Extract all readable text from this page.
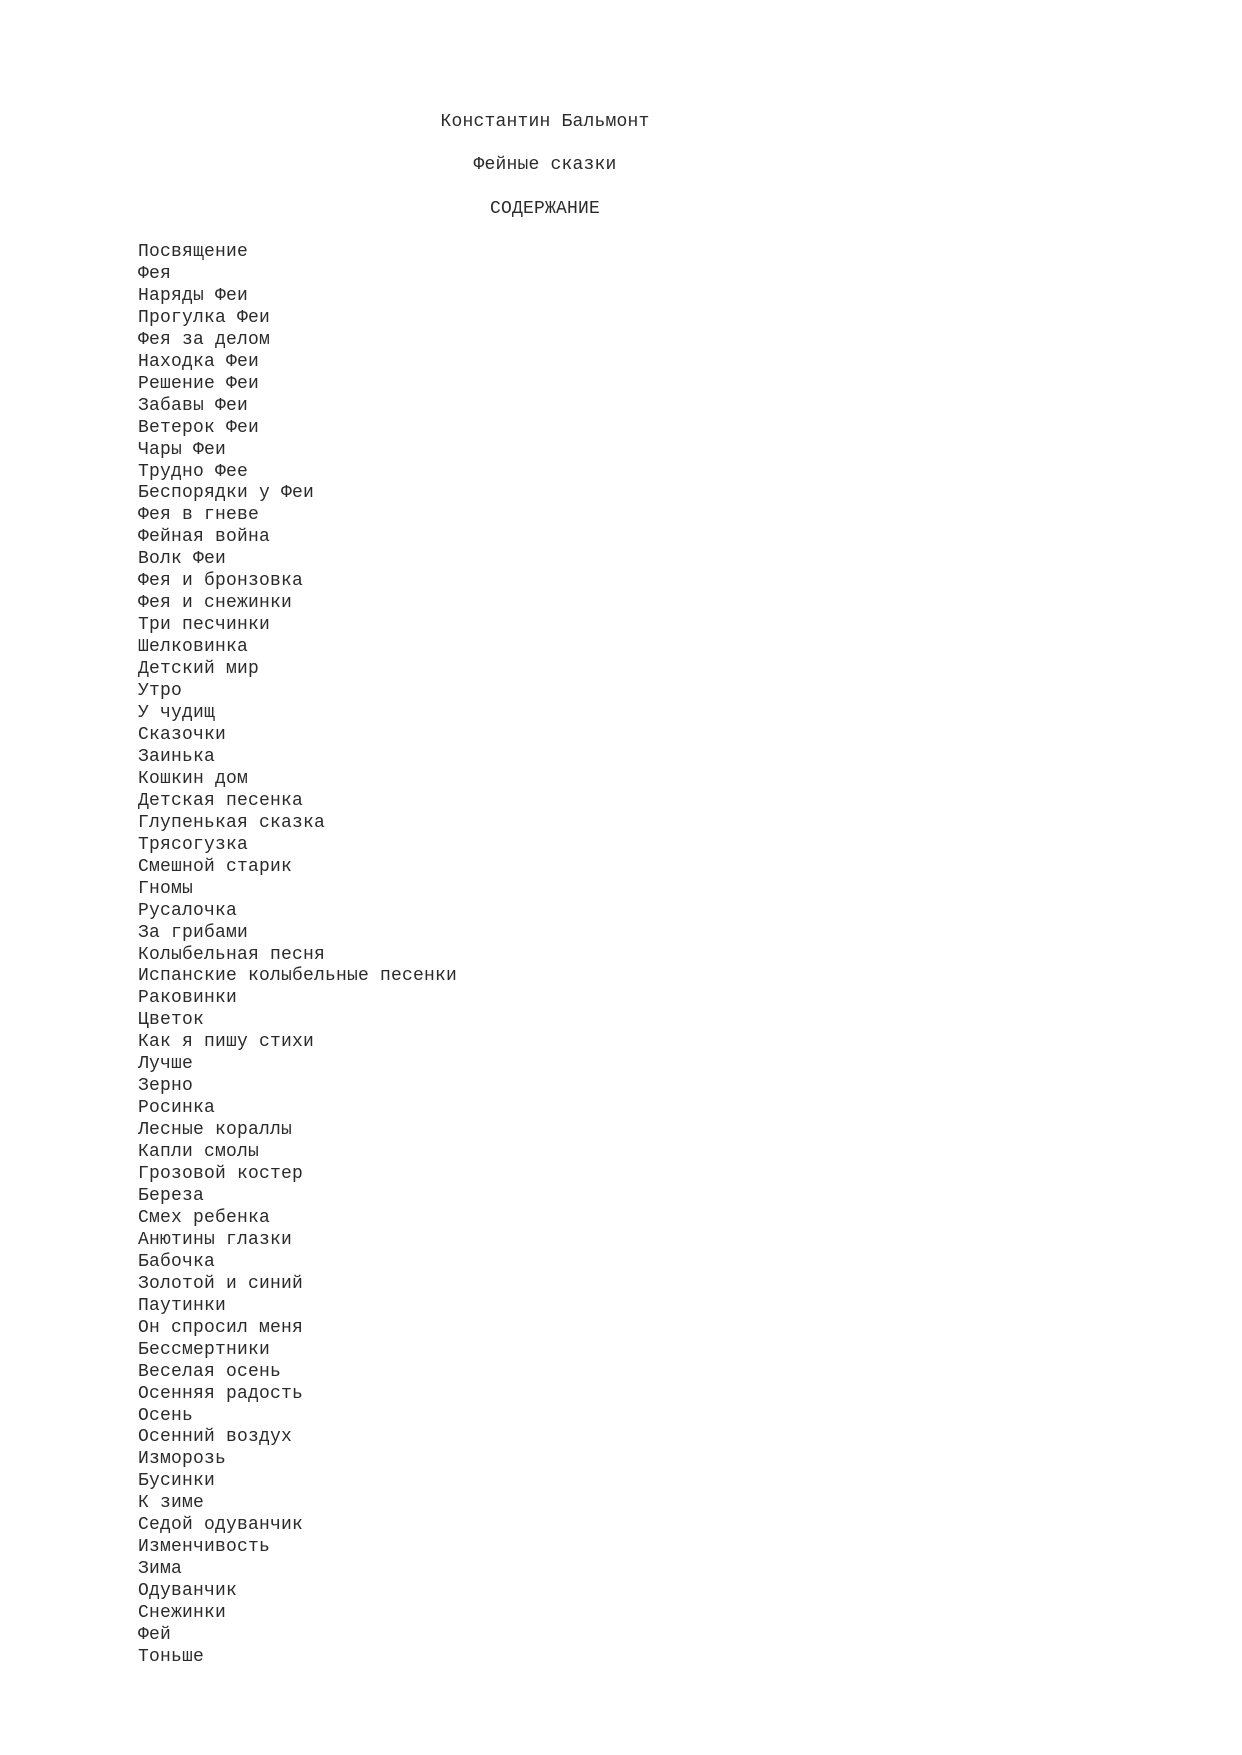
Константин Бальмонт
Фейные сказки
СОДЕРЖАНИЕ
Посвящение
Фея
Наряды Феи
Прогулка Феи
Фея за делом
Находка Феи
Решение Феи
Забавы Феи
Ветерок Феи
Чары Феи
Трудно Фее
Беспорядки у Феи
Фея в гневе
Фейная война
Волк Феи
Фея и бронзовка
Фея и снежинки
Три песчинки
Шелковинка
Детский мир
Утро
У чудищ
Сказочки
Заинька
Кошкин дом
Детская песенка
Глупенькая сказка
Трясогузка
Смешной старик
Гномы
Русалочка
За грибами
Колыбельная песня
Испанские колыбельные песенки
Раковинки
Цветок
Как я пишу стихи
Лучше
Зерно
Росинка
Лесные кораллы
Капли смолы
Грозовой костер
Береза
Смех ребенка
Анютины глазки
Бабочка
Золотой и синий
Паутинки
Он спросил меня
Бессмертники
Веселая осень
Осенняя радость
Осень
Осенний воздух
Изморозь
Бусинки
К зиме
Седой одуванчик
Изменчивость
Зима
Одуванчик
Снежинки
Фей
Тоньше
